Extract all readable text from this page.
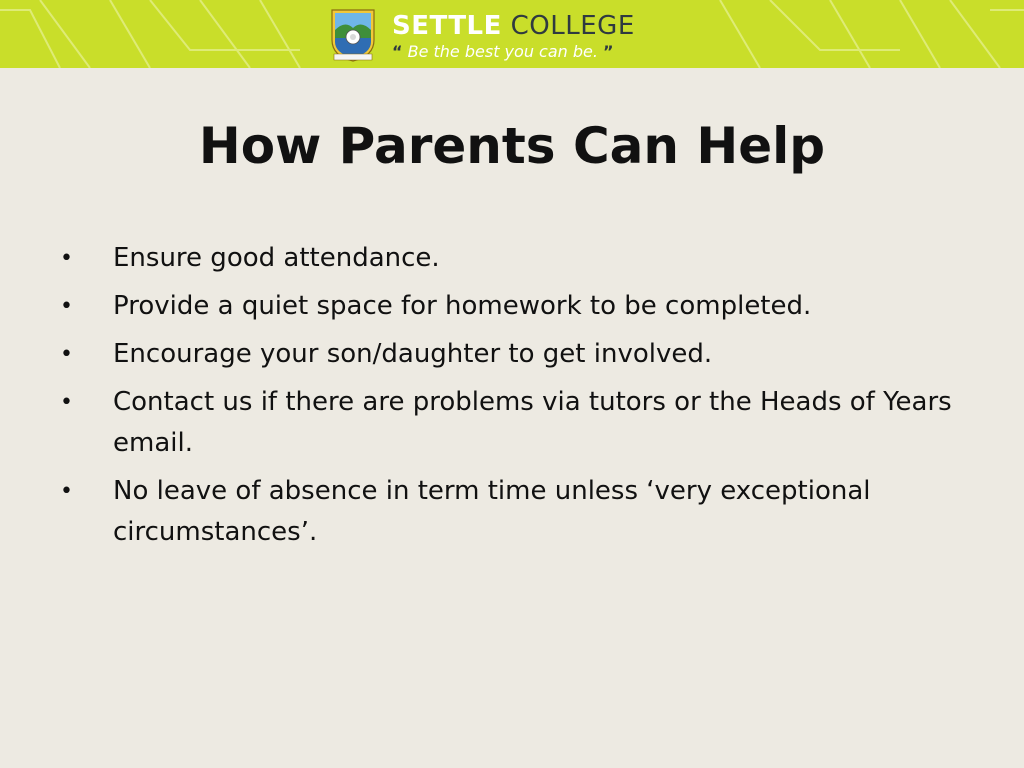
SETTLE COLLEGE
“ Be the best you can be. ”
How Parents Can Help
• Ensure good attendance.
• Provide a quiet space for homework to be completed.
• Encourage your son/daughter to get involved.
• Contact us if there are problems via tutors or the Heads of Years email.
• No leave of absence in term time unless ‘very exceptional circumstances’.
